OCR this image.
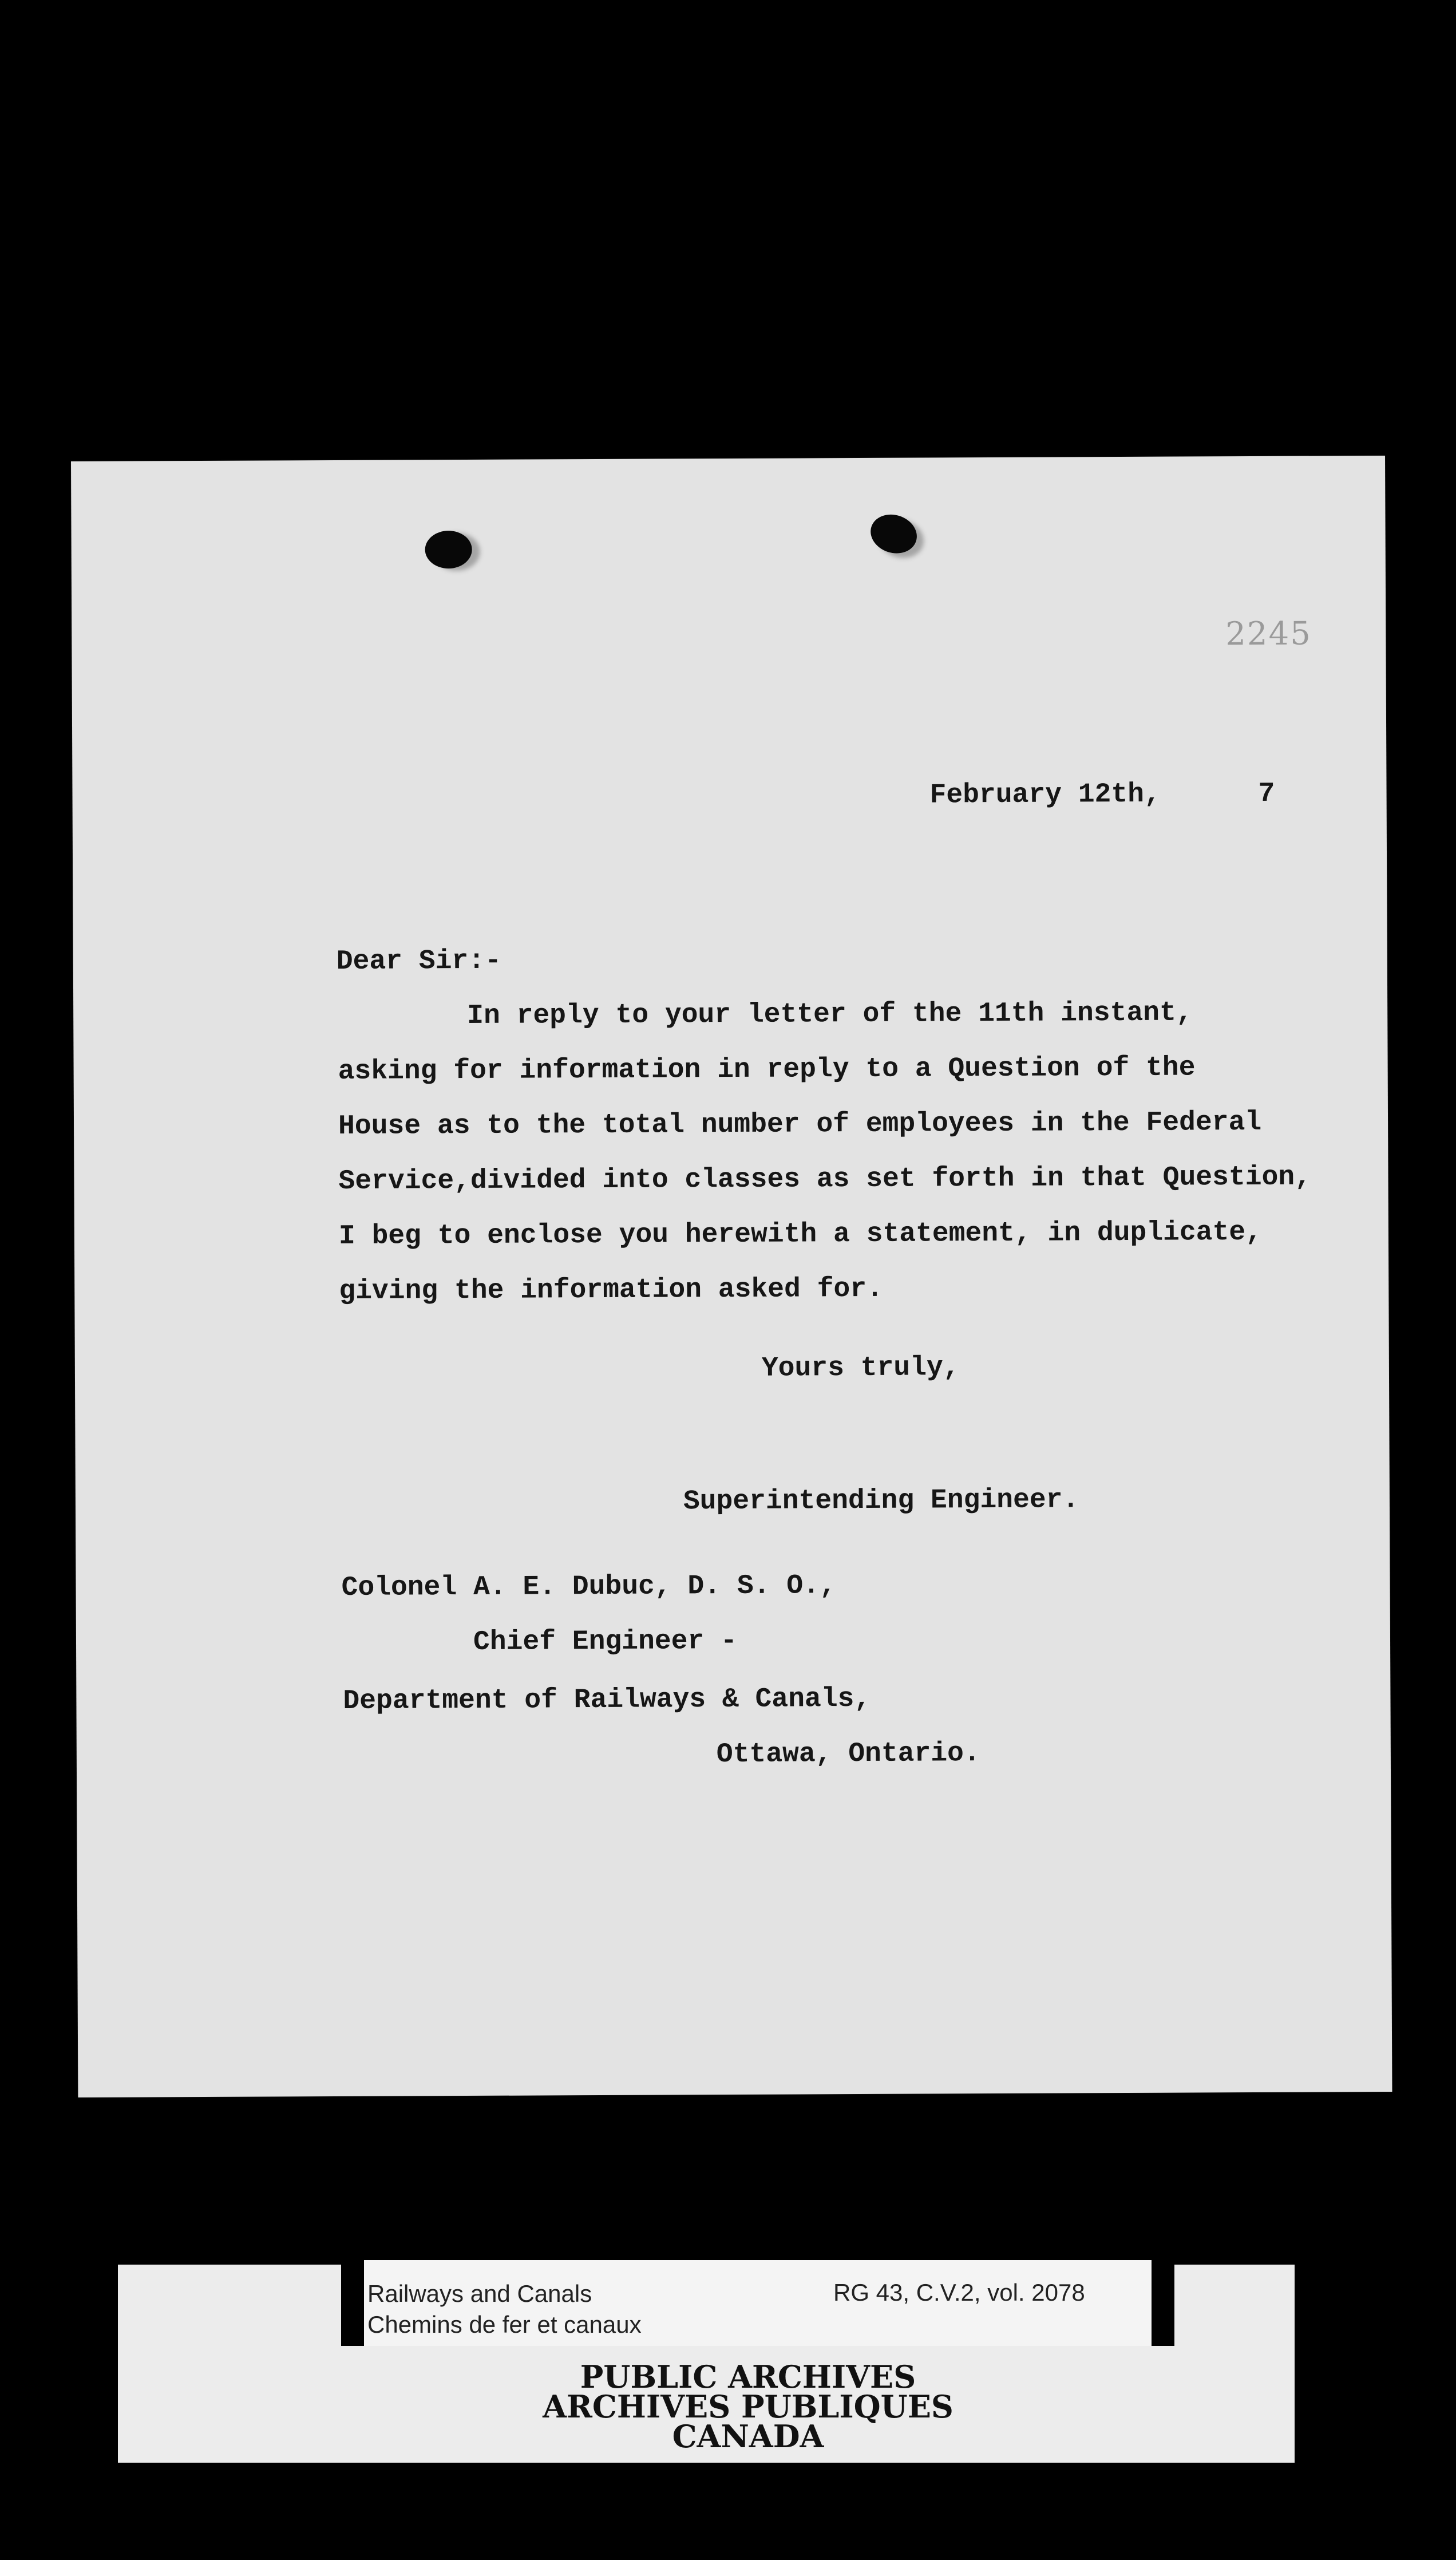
2245
February 12th,	7
Dear Sir:-
In reply to your letter of the 11th instant,
asking for information in reply to a Question of the
House as to the total number of employees in the Federal
Service,divided into classes as set forth in that Question,
I beg to enclose you herewith a statement, in duplicate,
giving the information asked for.
Yours truly,
Superintending Engineer.
Colonel A. E. Dubuc, D. S. O.,
Chief Engineer -
Department of Railways & Canals,
Ottawa, Ontario.
Railways and Canals
Chemins de fer et canaux
RG 43, C.V.2, vol. 2078
PUBLIC ARCHIVES
ARCHIVES PUBLIQUES
CANADA
